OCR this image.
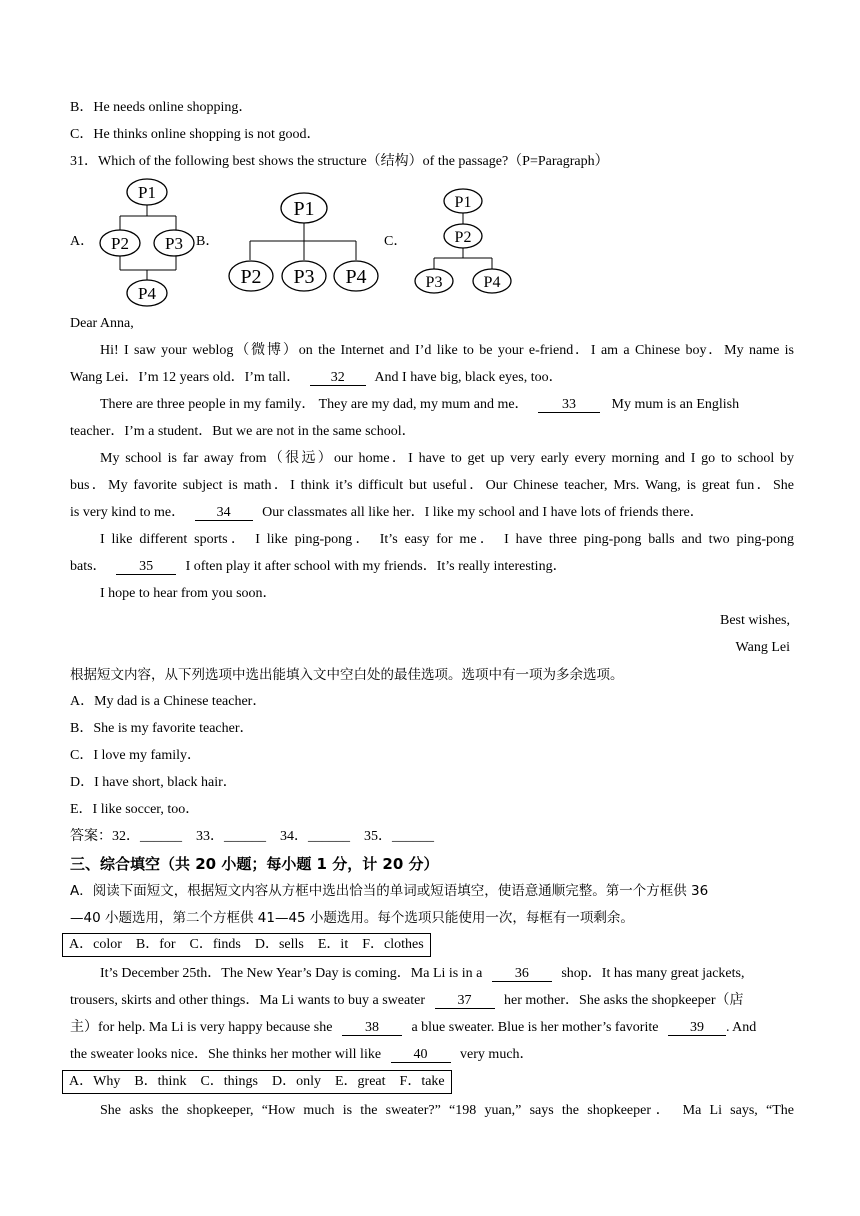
B．He needs online shopping．
C．He thinks online shopping is not good．
31．Which of the following best shows the structure（结构）of the passage?（P=Paragraph）
A．
P1
P2 P3
P4
B．
P1
P2 P3 P4
C．
P1
P2
P3	P4
Dear Anna,
Hi! I saw your weblog（微博）on the Internet and I’d like to be your e-friend．I am a Chinese boy．My name is
Wang Lei．I’m 12 years old．I’m tall． 32 And I have big, black eyes, too．
There are three people in my family． They are my dad, my mum and me． 33	My mum is an English
teacher．I’m a student．But we are not in the same school．
My school is far away from（很远）our home．I have to get up very early every morning and I go to school by
bus．My favorite subject is math．I think it’s difficult but useful．Our Chinese teacher, Mrs. Wang, is great fun．She
is very kind to me． 34 Our classmates all like her．I like my school and I have lots of friends there．
I like different sports． I like ping-pong． It’s easy for me． I have three ping-pong balls and two ping-pong
bats． 35 I often play it after school with my friends．It’s really interesting．
I hope to hear from you soon．
Best wishes,
Wang Lei
根据短文内容，从下列选项中选出能填入文中空白处的最佳选项。选项中有一项为多余选项。
A．My dad is a Chinese teacher．
B．She is my favorite teacher．
C．I love my family．
D．I have short, black hair．
E．I like soccer, too．
答案：32．______　33．______　34．______　35．______
三、综合填空（共 20 小题；每小题 1 分，计 20 分）
A．阅读下面短文，根据短文内容从方框中选出恰当的单词或短语填空，使语意通顺完整。第一个方框供 36
—40 小题选用，第二个方框供 41—45 小题选用。每个选项只能使用一次，每框有一项剩余。
A．color　B．for　C．finds　D．sells　E．it　F．clothes
It’s December 25th．The New Year’s Day is coming．Ma Li is in a 36 shop．It has many great jackets,
trousers, skirts and other things．Ma Li wants to buy a sweater 37 her mother．She asks the shopkeeper（店
主）for help. Ma Li is very happy because she 38 a blue sweater. Blue is her mother’s favorite 39 . And
the sweater looks nice．She thinks her mother will like 40 very much．
A．Why　B．think　C．things　D．only　E．great　F．take
She asks the shopkeeper, “How much is the sweater?” “198 yuan,” says the shopkeeper． Ma Li says, “The
